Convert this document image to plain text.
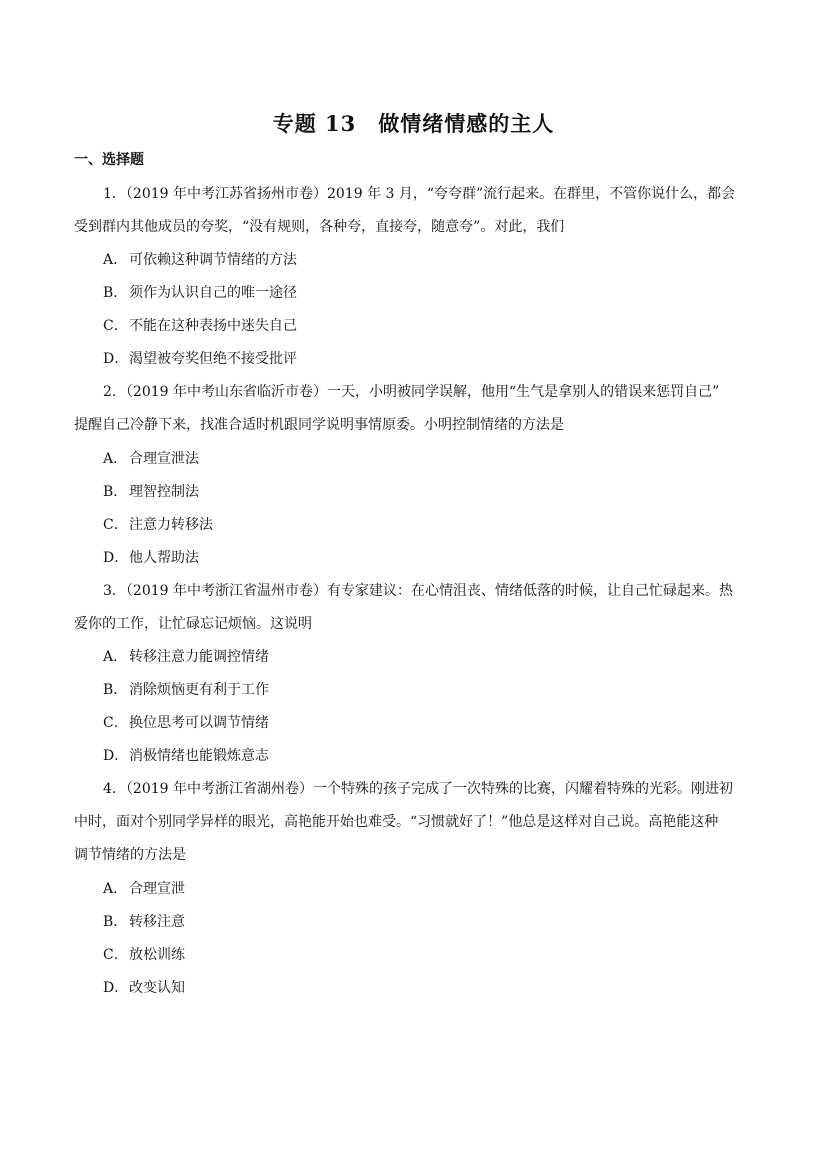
专题 13　做情绪情感的主人
一、选择题
1．（2019 年中考江苏省扬州市卷）2019 年 3 月，“夸夸群”流行起来。在群里，不管你说什么，都会
受到群内其他成员的夸奖，“没有规则，各种夸，直接夸，随意夸”。对此，我们
A． 可依赖这种调节情绪的方法
B． 须作为认识自己的唯一途径
C．不能在这种表扬中迷失自己
D．渴望被夸奖但绝不接受批评
2．（2019 年中考山东省临沂市卷）一天，小明被同学误解，他用“生气是拿别人的错误来惩罚自己”
提醒自己冷静下来，找准合适时机跟同学说明事情原委。小明控制情绪的方法是
A． 合理宣泄法
B． 理智控制法
C．注意力转移法
D．他人帮助法
3．（2019 年中考浙江省温州市卷）有专家建议：在心情沮丧、情绪低落的时候，让自己忙碌起来。热
爱你的工作，让忙碌忘记烦恼。这说明
A． 转移注意力能调控情绪
B． 消除烦恼更有利于工作
C．换位思考可以调节情绪
D．消极情绪也能锻炼意志
4．（2019 年中考浙江省湖州卷）一个特殊的孩子完成了一次特殊的比赛，闪耀着特殊的光彩。刚进初
中时，面对个别同学异样的眼光，高艳能开始也难受。“习惯就好了！”他总是这样对自己说。高艳能这种
调节情绪的方法是
A． 合理宣泄
B． 转移注意
C．放松训练
D．改变认知
